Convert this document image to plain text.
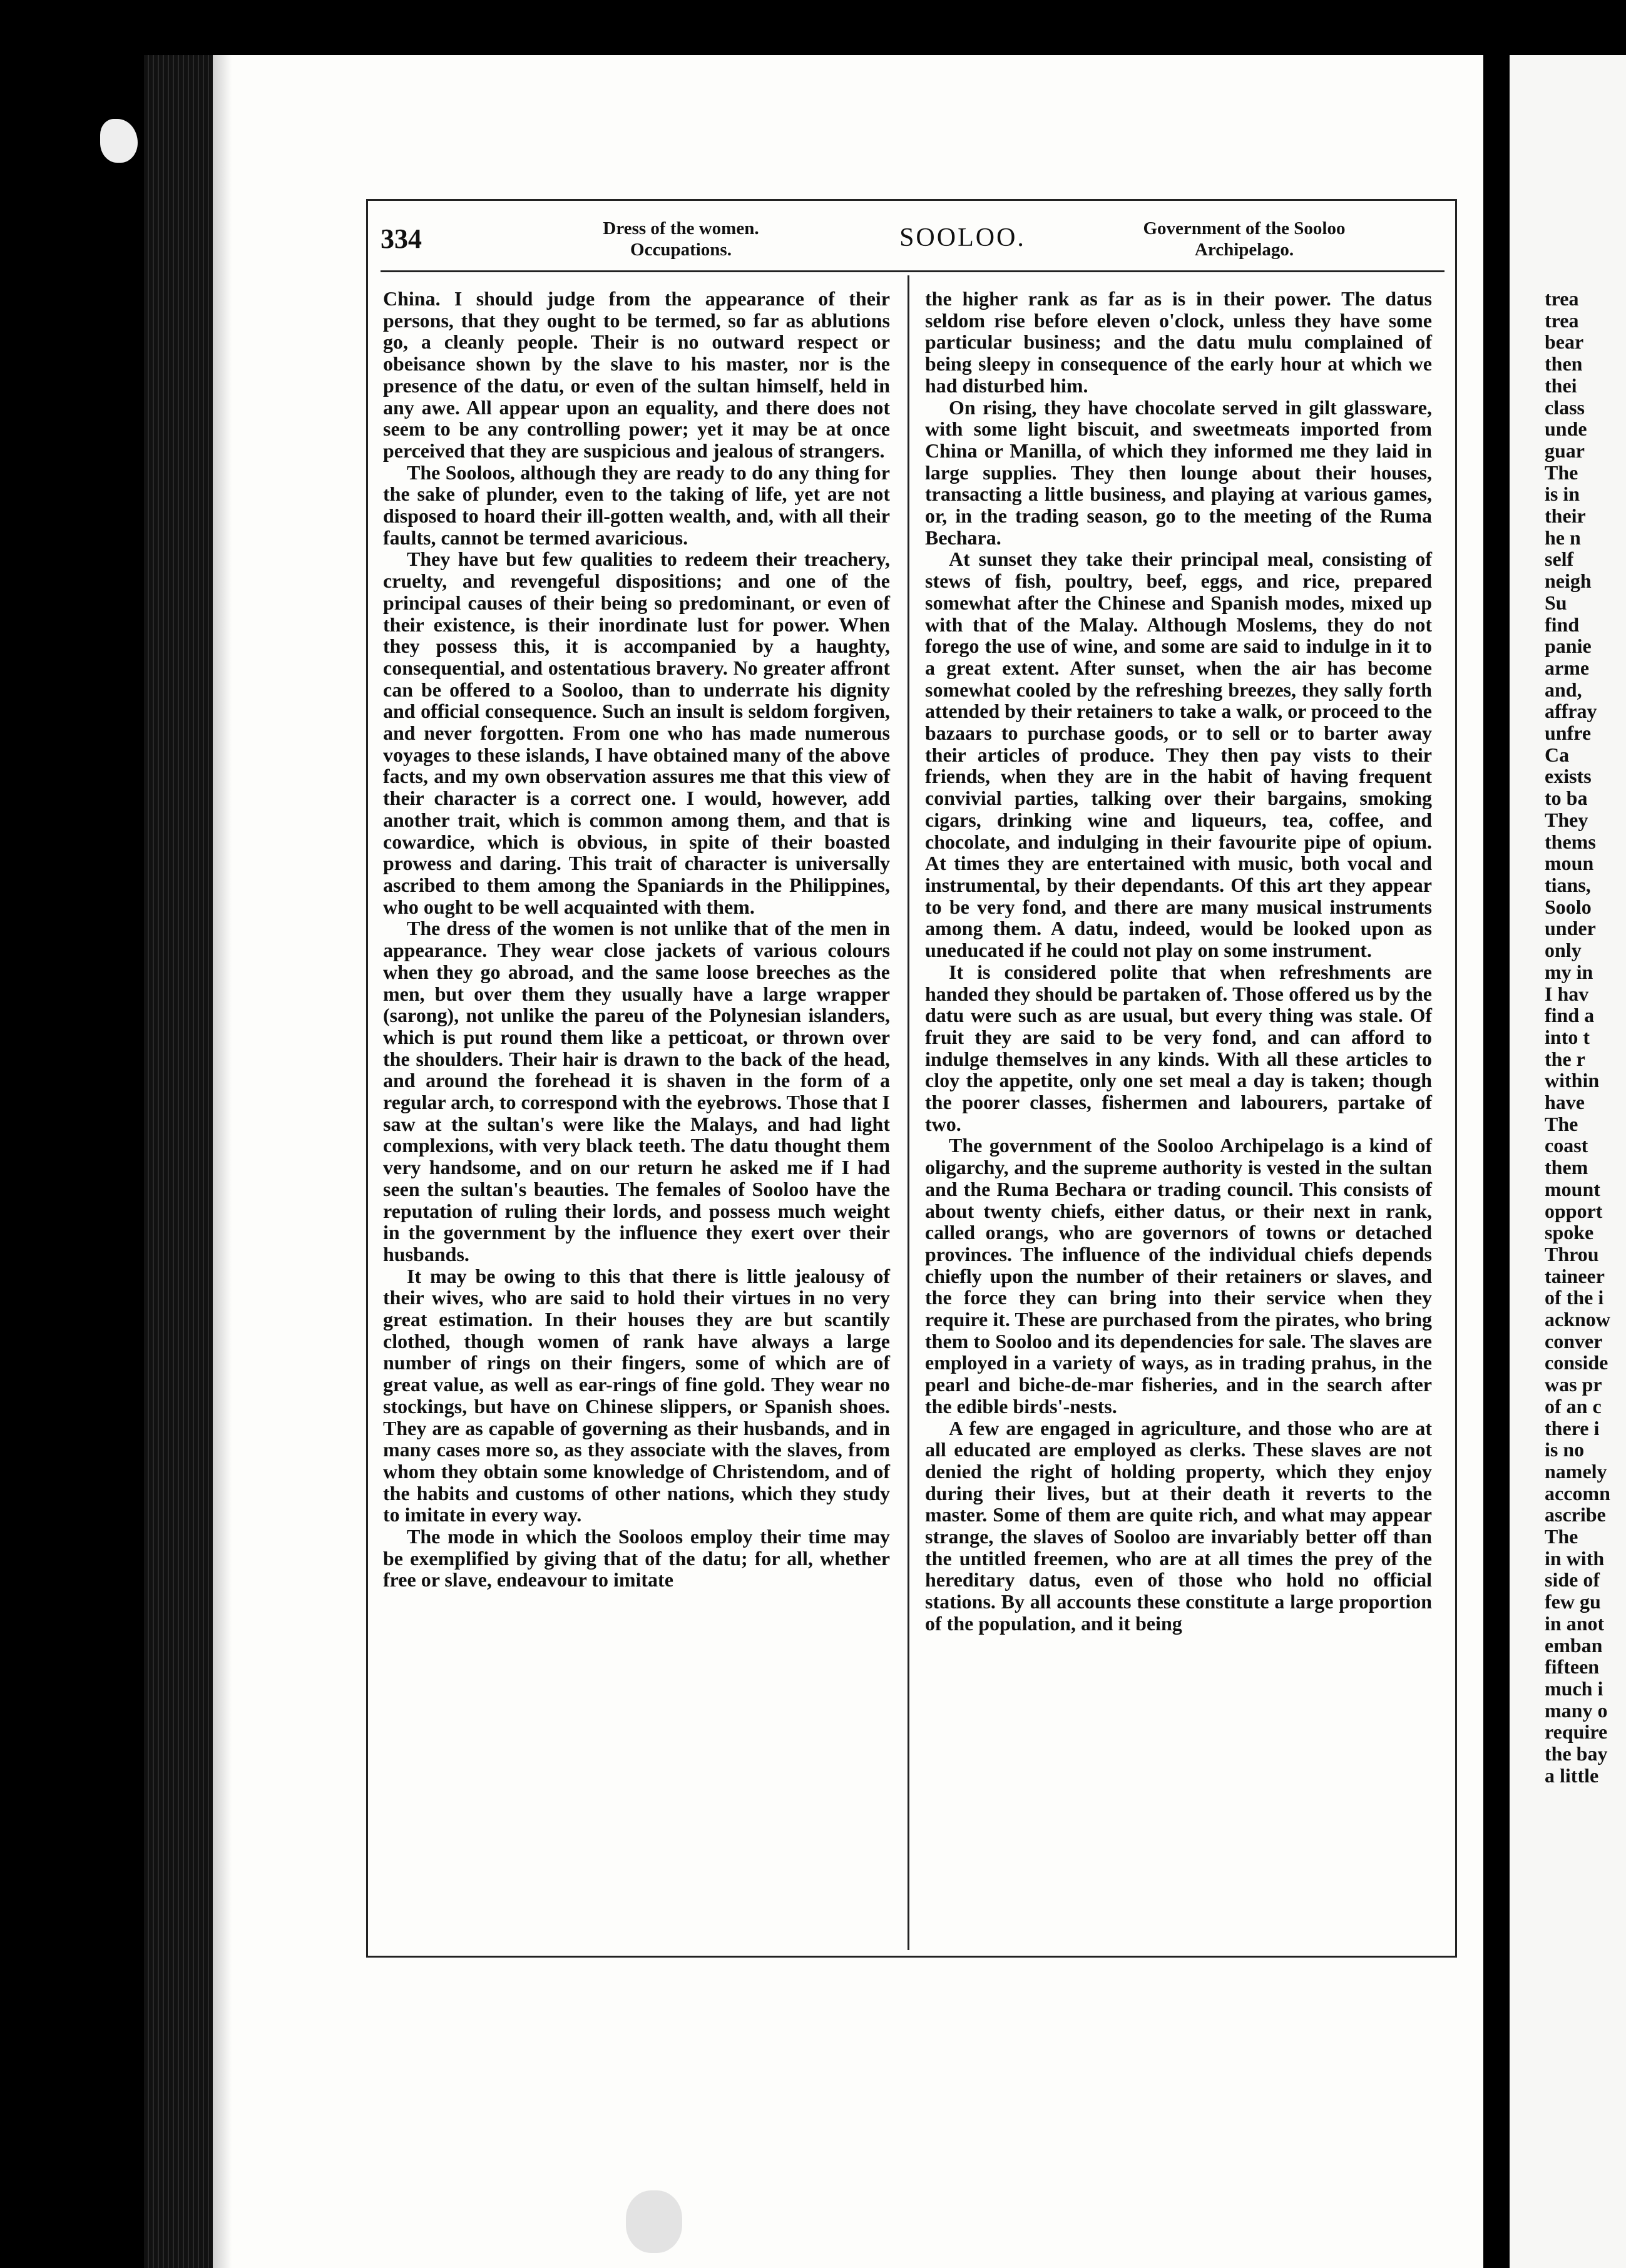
334	Dress of the women.
Occupations.	SOOLOO.	Government of the Sooloo
Archipelago.

China. I should judge from the appearance of their persons, that they ought to be termed, so far as ablutions go, a cleanly people. Their is no outward respect or obeisance shown by the slave to his master, nor is the presence of the datu, or even of the sultan himself, held in any awe. All appear upon an equality, and there does not seem to be any controlling power; yet it may be at once perceived that they are suspicious and jealous of strangers.

The Sooloos, although they are ready to do any thing for the sake of plunder, even to the taking of life, yet are not disposed to hoard their ill-gotten wealth, and, with all their faults, cannot be termed avaricious.

They have but few qualities to redeem their treachery, cruelty, and revengeful dispositions; and one of the principal causes of their being so predominant, or even of their existence, is their inordinate lust for power. When they possess this, it is accompanied by a haughty, consequential, and ostentatious bravery. No greater affront can be offered to a Sooloo, than to underrate his dignity and official consequence. Such an insult is seldom forgiven, and never forgotten. From one who has made numerous voyages to these islands, I have obtained many of the above facts, and my own observation assures me that this view of their character is a correct one. I would, however, add another trait, which is common among them, and that is cowardice, which is obvious, in spite of their boasted prowess and daring. This trait of character is universally ascribed to them among the Spaniards in the Philippines, who ought to be well acquainted with them.

The dress of the women is not unlike that of the men in appearance. They wear close jackets of various colours when they go abroad, and the same loose breeches as the men, but over them they usually have a large wrapper (sarong), not unlike the pareu of the Polynesian islanders, which is put round them like a petticoat, or thrown over the shoulders. Their hair is drawn to the back of the head, and around the forehead it is shaven in the form of a regular arch, to correspond with the eyebrows. Those that I saw at the sultan's were like the Malays, and had light complexions, with very black teeth. The datu thought them very handsome, and on our return he asked me if I had seen the sultan's beauties. The females of Sooloo have the reputation of ruling their lords, and possess much weight in the government by the influence they exert over their husbands.

It may be owing to this that there is little jealousy of their wives, who are said to hold their virtues in no very great estimation. In their houses they are but scantily clothed, though women of rank have always a large number of rings on their fingers, some of which are of great value, as well as ear-rings of fine gold. They wear no stockings, but have on Chinese slippers, or Spanish shoes. They are as capable of governing as their husbands, and in many cases more so, as they associate with the slaves, from whom they obtain some knowledge of Christendom, and of the habits and customs of other nations, which they study to imitate in every way.

The mode in which the Sooloos employ their time may be exemplified by giving that of the datu; for all, whether free or slave, endeavour to imitate

the higher rank as far as is in their power. The datus seldom rise before eleven o'clock, unless they have some particular business; and the datu mulu complained of being sleepy in consequence of the early hour at which we had disturbed him.

On rising, they have chocolate served in gilt glassware, with some light biscuit, and sweetmeats imported from China or Manilla, of which they informed me they laid in large supplies. They then lounge about their houses, transacting a little business, and playing at various games, or, in the trading season, go to the meeting of the Ruma Bechara.

At sunset they take their principal meal, consisting of stews of fish, poultry, beef, eggs, and rice, prepared somewhat after the Chinese and Spanish modes, mixed up with that of the Malay. Although Moslems, they do not forego the use of wine, and some are said to indulge in it to a great extent. After sunset, when the air has become somewhat cooled by the refreshing breezes, they sally forth attended by their retainers to take a walk, or proceed to the bazaars to purchase goods, or to sell or to barter away their articles of produce. They then pay vists to their friends, when they are in the habit of having frequent convivial parties, talking over their bargains, smoking cigars, drinking wine and liqueurs, tea, coffee, and chocolate, and indulging in their favourite pipe of opium. At times they are entertained with music, both vocal and instrumental, by their dependants. Of this art they appear to be very fond, and there are many musical instruments among them. A datu, indeed, would be looked upon as uneducated if he could not play on some instrument.

It is considered polite that when refreshments are handed they should be partaken of. Those offered us by the datu were such as are usual, but every thing was stale. Of fruit they are said to be very fond, and can afford to indulge themselves in any kinds. With all these articles to cloy the appetite, only one set meal a day is taken; though the poorer classes, fishermen and labourers, partake of two.

The government of the Sooloo Archipelago is a kind of oligarchy, and the supreme authority is vested in the sultan and the Ruma Bechara or trading council. This consists of about twenty chiefs, either datus, or their next in rank, called orangs, who are governors of towns or detached provinces. The influence of the individual chiefs depends chiefly upon the number of their retainers or slaves, and the force they can bring into their service when they require it. These are purchased from the pirates, who bring them to Sooloo and its dependencies for sale. The slaves are employed in a variety of ways, as in trading prahus, in the pearl and biche-de-mar fisheries, and in the search after the edible birds'-nests.

A few are engaged in agriculture, and those who are at all educated are employed as clerks. These slaves are not denied the right of holding property, which they enjoy during their lives, but at their death it reverts to the master. Some of them are quite rich, and what may appear strange, the slaves of Sooloo are invariably better off than the untitled freemen, who are at all times the prey of the hereditary datus, even of those who hold no official stations. By all accounts these constitute a large proportion of the population, and it being

trea
trea
bear
then
thei
class
unde
guar
The
is in
their
he n
self
neigh
Su
find
panie
arme
and,
affray
unfre
Ca
exists
to ba
They
thems
moun
tians,
Soolo
under
only
my in
I hav
find a
into t
the r
within
have
The
coast
them
mount
opport
spoke
Throu
taineer
of the i
acknow
conver
conside
was pr
of an c
there i
is no
namely
accomn
ascribe
The
in with
side of
few gu
in anot
emban
fifteen
much i
many o
require
the bay
a little
